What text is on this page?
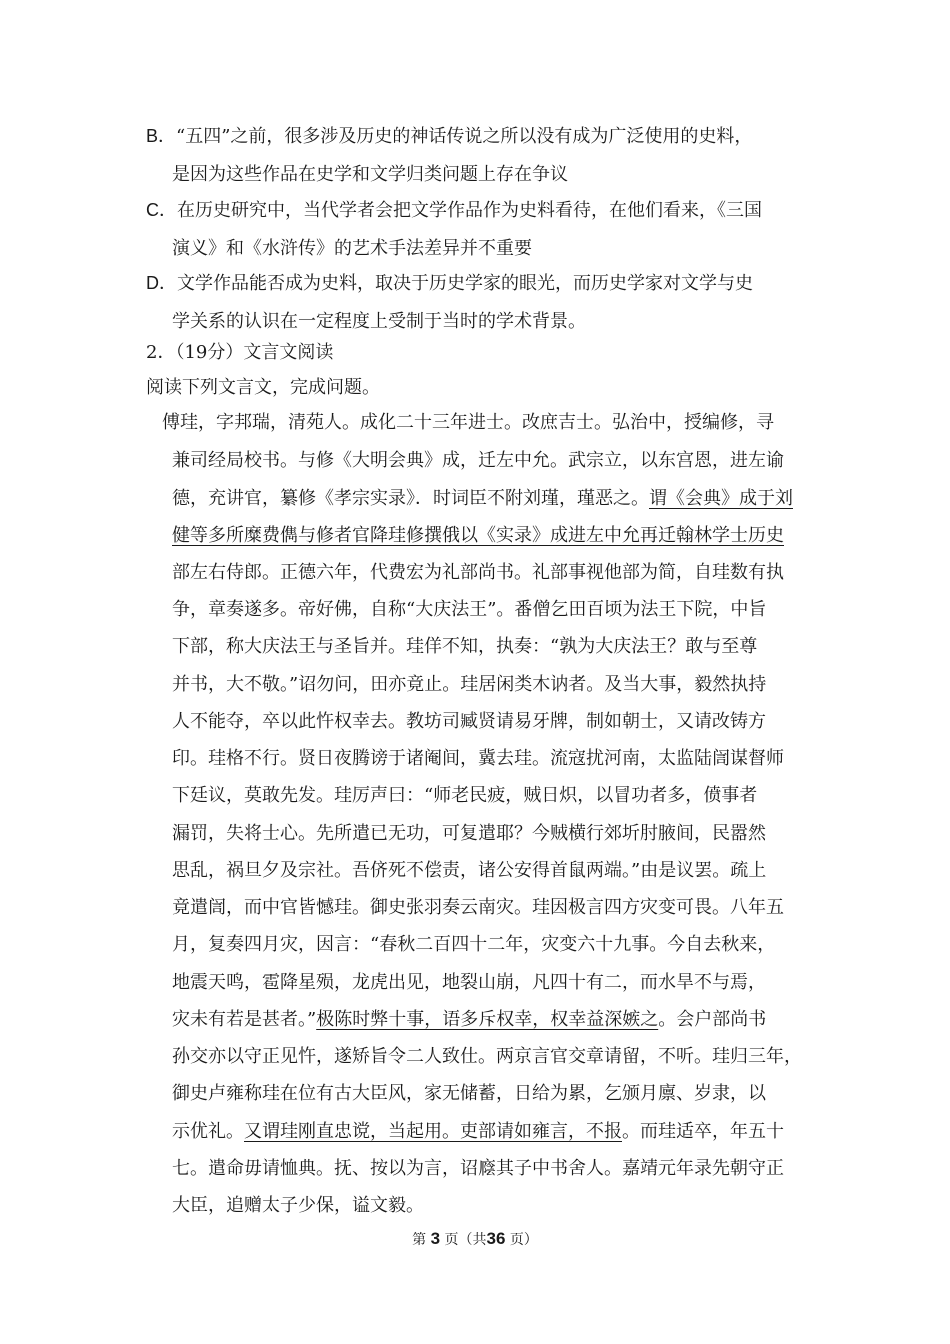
B．“五四”之前，很多涉及历史的神话传说之所以没有成为广泛使用的史料，
是因为这些作品在史学和文学归类问题上存在争议
C．在历史研究中，当代学者会把文学作品作为史料看待，在他们看来，《三国
演义》和《水浒传》的艺术手法差异并不重要
D．文学作品能否成为史料，取决于历史学家的眼光，而历史学家对文学与史
学关系的认识在一定程度上受制于当时的学术背景。
2．（19分）文言文阅读
阅读下列文言文，完成问题。
傅珪，字邦瑞，清苑人。成化二十三年进士。改庶吉士。弘治中，授编修，寻
兼司经局校书。与修《大明会典》成，迁左中允。武宗立，以东宫恩，进左谕
德，充讲官，纂修《孝宗实录》．时词臣不附刘瑾，瑾恶之。谓《会典》成于刘
健等多所糜费儁与修者官降珪修撰俄以《实录》成进左中允再迁翰林学士历史
部左右侍郎。正德六年，代费宏为礼部尚书。礼部事视他部为简，自珪数有执
争，章奏遂多。帝好佛，自称“大庆法王”。番僧乞田百顷为法王下院，中旨
下部，称大庆法王与圣旨并。珪佯不知，执奏：“孰为大庆法王？敢与至尊
并书，大不敬。”诏勿问，田亦竟止。珪居闲类木讷者。及当大事，毅然执持
人不能夺，卒以此忤权幸去。教坊司臧贤请易牙牌，制如朝士，又请改铸方
印。珪格不行。贤日夜腾谤于诸阉间，冀去珪。流寇扰河南，太监陆訚谋督师
下廷议，莫敢先发。珪厉声曰：“师老民疲，贼日炽，以冒功者多，偾事者
漏罚，失将士心。先所遣已无功，可复遣耶？今贼横行郊圻肘腋间，民嚣然
思乱，祸旦夕及宗社。吾侪死不偿责，诸公安得首鼠两端。”由是议罢。疏上
竟遣訚，而中官皆憾珪。御史张羽奏云南灾。珪因极言四方灾变可畏。八年五
月，复奏四月灾，因言：“春秋二百四十二年，灾变六十九事。今自去秋来，
地震天鸣，雹降星殒，龙虎出见，地裂山崩，凡四十有二，而水旱不与焉，
灾未有若是甚者。”极陈时弊十事，语多斥权幸，权幸益深嫉之。会户部尚书
孙交亦以守正见忤，遂矫旨令二人致仕。两京言官交章请留，不听。珪归三年，
御史卢雍称珪在位有古大臣风，家无储蓄，日给为累，乞颁月廪、岁隶，以
示优礼。又谓珪刚直忠谠，当起用。吏部请如雍言，不报。而珪适卒，年五十
七。遣命毋请恤典。抚、按以为言，诏廕其子中书舍人。嘉靖元年录先朝守正
大臣，追赠太子少保，谥文毅。
第 3 页（共36 页）
